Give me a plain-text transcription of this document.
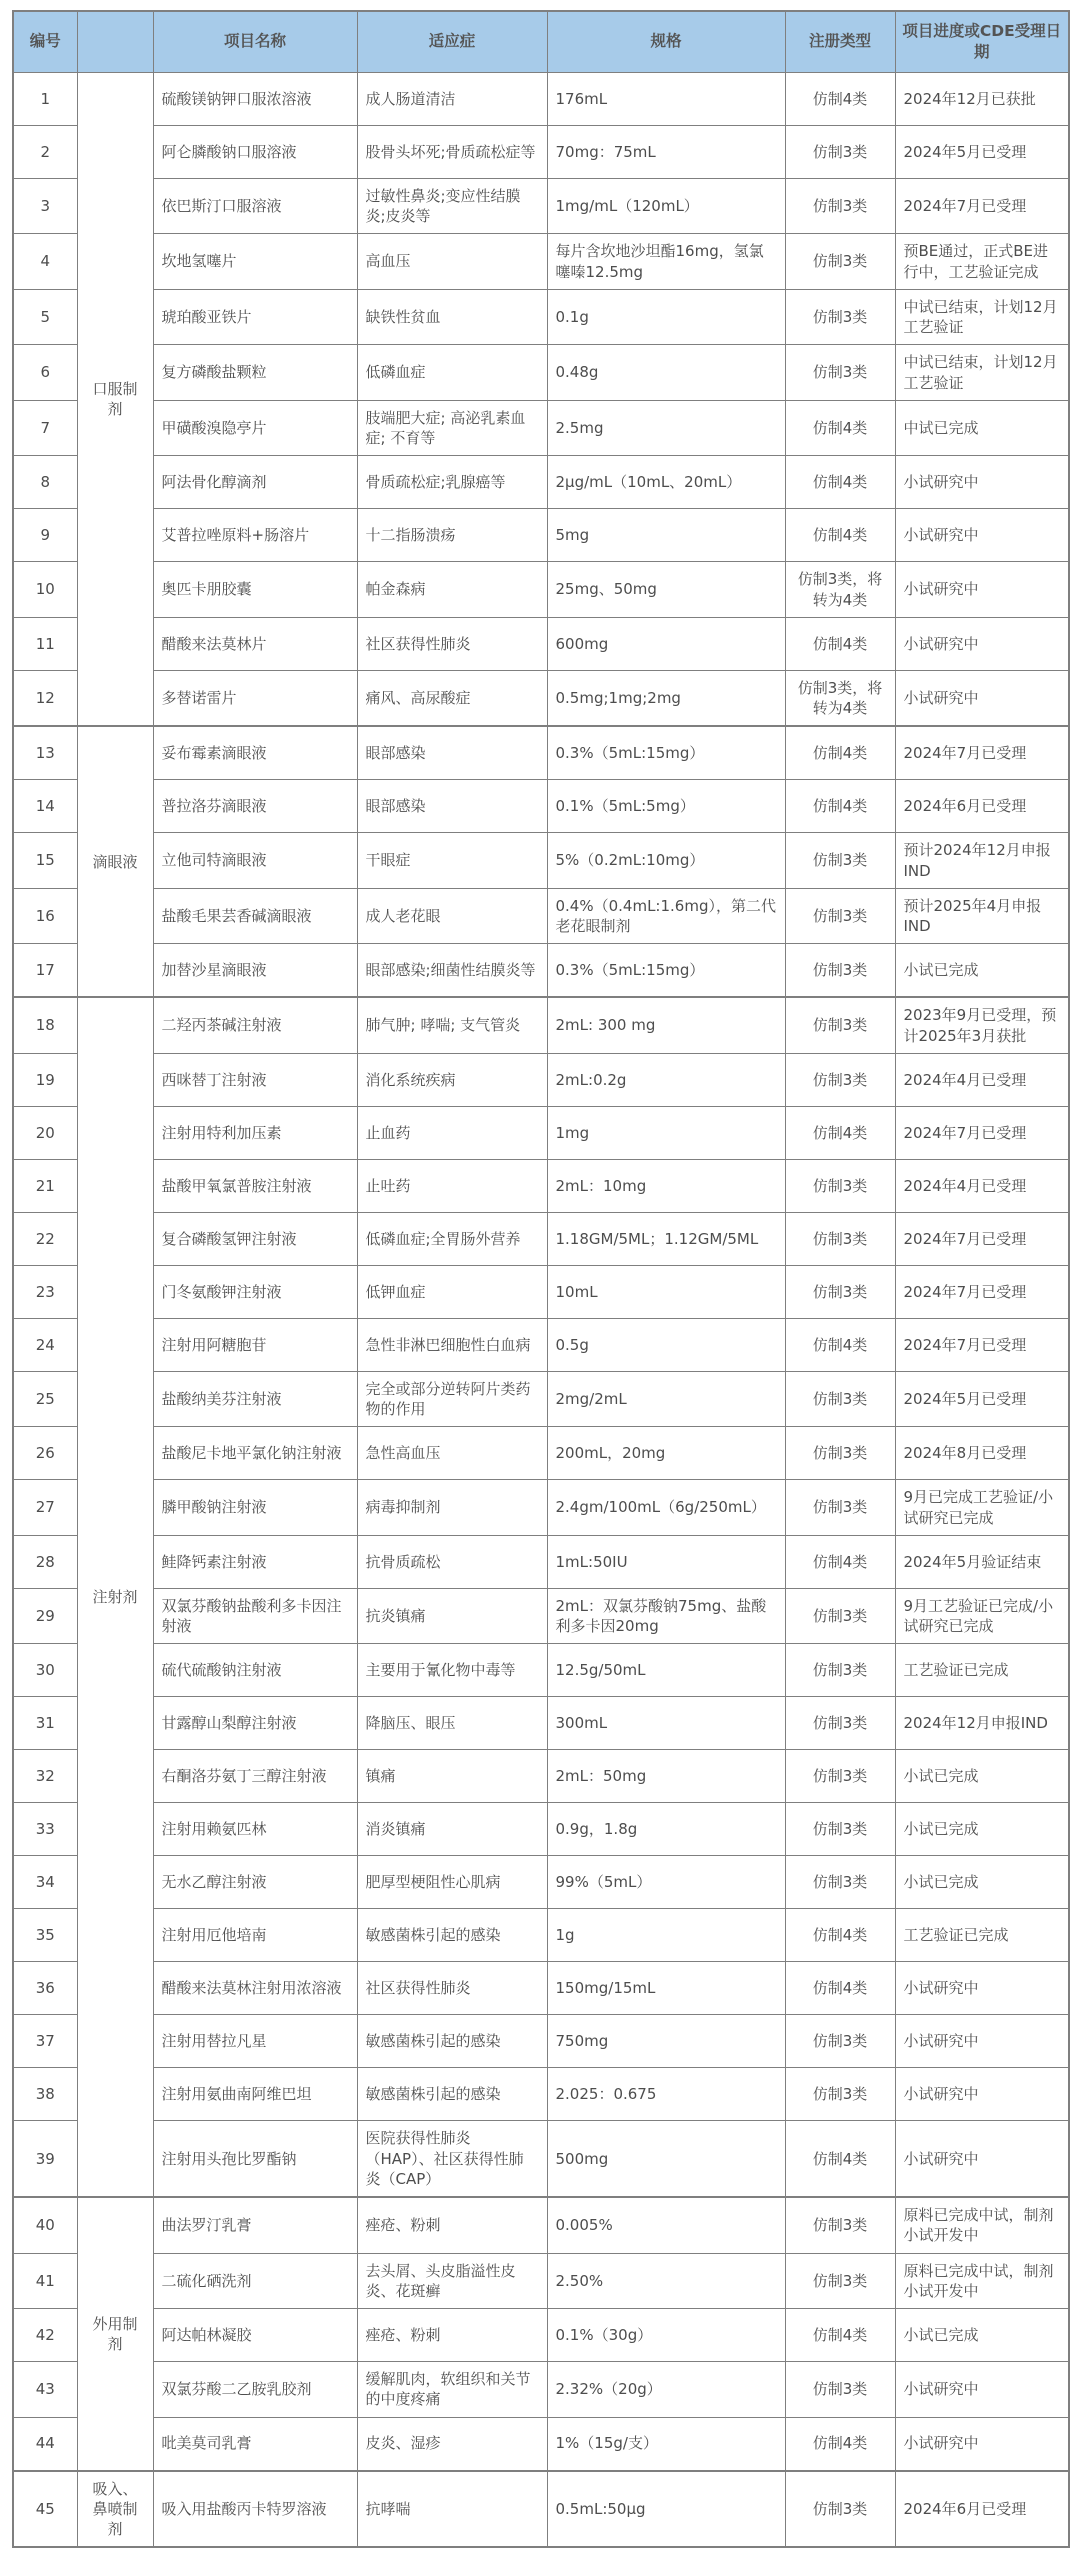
编号		项目名称	适应症	规格	注册类型	项目进度或CDE受理日期
1	口服制剂	硫酸镁钠钾口服浓溶液	成人肠道清洁	176mL	仿制4类	2024年12月已获批
2		阿仑膦酸钠口服溶液	股骨头坏死;骨质疏松症等	70mg：75mL	仿制3类	2024年5月已受理
3		依巴斯汀口服溶液	过敏性鼻炎;变应性结膜炎;皮炎等	1mg/mL（120mL）	仿制3类	2024年7月已受理
4		坎地氢噻片	高血压	每片含坎地沙坦酯16mg，氢氯噻嗪12.5mg	仿制3类	预BE通过，正式BE进行中，工艺验证完成
5		琥珀酸亚铁片	缺铁性贫血	0.1g	仿制3类	中试已结束，计划12月工艺验证
6		复方磷酸盐颗粒	低磷血症	0.48g	仿制3类	中试已结束，计划12月工艺验证
7		甲磺酸溴隐亭片	肢端肥大症; 高泌乳素血症; 不育等	2.5mg	仿制4类	中试已完成
8		阿法骨化醇滴剂	骨质疏松症;乳腺癌等	2μg/mL（10mL、20mL）	仿制4类	小试研究中
9		艾普拉唑原料+肠溶片	十二指肠溃疡	5mg	仿制4类	小试研究中
10		奥匹卡朋胶囊	帕金森病	25mg、50mg	仿制3类，将转为4类	小试研究中
11		醋酸来法莫林片	社区获得性肺炎	600mg	仿制4类	小试研究中
12		多替诺雷片	痛风、高尿酸症	0.5mg;1mg;2mg	仿制3类，将转为4类	小试研究中
13	滴眼液	妥布霉素滴眼液	眼部感染	0.3%（5mL:15mg）	仿制4类	2024年7月已受理
14		普拉洛芬滴眼液	眼部感染	0.1%（5mL:5mg）	仿制4类	2024年6月已受理
15		立他司特滴眼液	干眼症	5%（0.2mL:10mg）	仿制3类	预计2024年12月申报IND
16		盐酸毛果芸香碱滴眼液	成人老花眼	0.4%（0.4mL:1.6mg），第二代老花眼制剂	仿制3类	预计2025年4月申报IND
17		加替沙星滴眼液	眼部感染;细菌性结膜炎等	0.3%（5mL:15mg）	仿制3类	小试已完成
18	注射剂	二羟丙茶碱注射液	肺气肿; 哮喘; 支气管炎	2mL: 300 mg	仿制3类	2023年9月已受理，预计2025年3月获批
19		西咪替丁注射液	消化系统疾病	2mL:0.2g	仿制3类	2024年4月已受理
20		注射用特利加压素	止血药	1mg	仿制4类	2024年7月已受理
21		盐酸甲氧氯普胺注射液	止吐药	2mL：10mg	仿制3类	2024年4月已受理
22		复合磷酸氢钾注射液	低磷血症;全胃肠外营养	1.18GM/5ML；1.12GM/5ML	仿制3类	2024年7月已受理
23		门冬氨酸钾注射液	低钾血症	10mL	仿制3类	2024年7月已受理
24		注射用阿糖胞苷	急性非淋巴细胞性白血病	0.5g	仿制4类	2024年7月已受理
25		盐酸纳美芬注射液	完全或部分逆转阿片类药物的作用	2mg/2mL	仿制3类	2024年5月已受理
26		盐酸尼卡地平氯化钠注射液	急性高血压	200mL，20mg	仿制3类	2024年8月已受理
27		膦甲酸钠注射液	病毒抑制剂	2.4gm/100mL（6g/250mL）	仿制3类	9月已完成工艺验证/小试研究已完成
28		鲑降钙素注射液	抗骨质疏松	1mL:50IU	仿制4类	2024年5月验证结束
29		双氯芬酸钠盐酸利多卡因注射液	抗炎镇痛	2mL：双氯芬酸钠75mg、盐酸利多卡因20mg	仿制3类	9月工艺验证已完成/小试研究已完成
30		硫代硫酸钠注射液	主要用于氰化物中毒等	12.5g/50mL	仿制3类	工艺验证已完成
31		甘露醇山梨醇注射液	降脑压、眼压	300mL	仿制3类	2024年12月申报IND
32		右酮洛芬氨丁三醇注射液	镇痛	2mL：50mg	仿制3类	小试已完成
33		注射用赖氨匹林	消炎镇痛	0.9g，1.8g	仿制3类	小试已完成
34		无水乙醇注射液	肥厚型梗阻性心肌病	99%（5mL）	仿制3类	小试已完成
35		注射用厄他培南	敏感菌株引起的感染	1g	仿制4类	工艺验证已完成
36		醋酸来法莫林注射用浓溶液	社区获得性肺炎	150mg/15mL	仿制4类	小试研究中
37		注射用替拉凡星	敏感菌株引起的感染	750mg	仿制3类	小试研究中
38		注射用氨曲南阿维巴坦	敏感菌株引起的感染	2.025：0.675	仿制3类	小试研究中
39		注射用头孢比罗酯钠	医院获得性肺炎（HAP）、社区获得性肺炎（CAP）	500mg	仿制4类	小试研究中
40	外用制剂	曲法罗汀乳膏	痤疮、粉刺	0.005%	仿制3类	原料已完成中试，制剂小试开发中
41		二硫化硒洗剂	去头屑、头皮脂溢性皮炎、花斑癣	2.50%	仿制3类	原料已完成中试，制剂小试开发中
42		阿达帕林凝胶	痤疮、粉刺	0.1%（30g）	仿制4类	小试已完成
43		双氯芬酸二乙胺乳胶剂	缓解肌肉，软组织和关节的中度疼痛	2.32%（20g）	仿制3类	小试研究中
44		吡美莫司乳膏	皮炎、湿疹	1%（15g/支）	仿制4类	小试研究中
45	吸入、鼻喷制剂	吸入用盐酸丙卡特罗溶液	抗哮喘	0.5mL:50μg	仿制3类	2024年6月已受理
